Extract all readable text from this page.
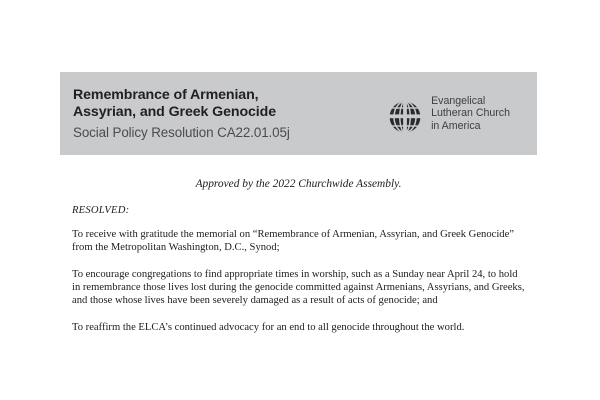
Remembrance of Armenian,
Assyrian, and Greek Genocide
Social Policy Resolution CA22.01.05j
Evangelical
Lutheran Church
in America
Approved by the 2022 Churchwide Assembly.
RESOLVED:

To receive with gratitude the memorial on “Remembrance of Armenian, Assyrian, and Greek Genocide” from the Metropolitan Washington, D.C., Synod;

To encourage congregations to find appropriate times in worship, such as a Sunday near April 24, to hold in remembrance those lives lost during the genocide committed against Armenians, Assyrians, and Greeks, and those whose lives have been severely damaged as a result of acts of genocide; and

To reaffirm the ELCA’s continued advocacy for an end to all genocide throughout the world.
